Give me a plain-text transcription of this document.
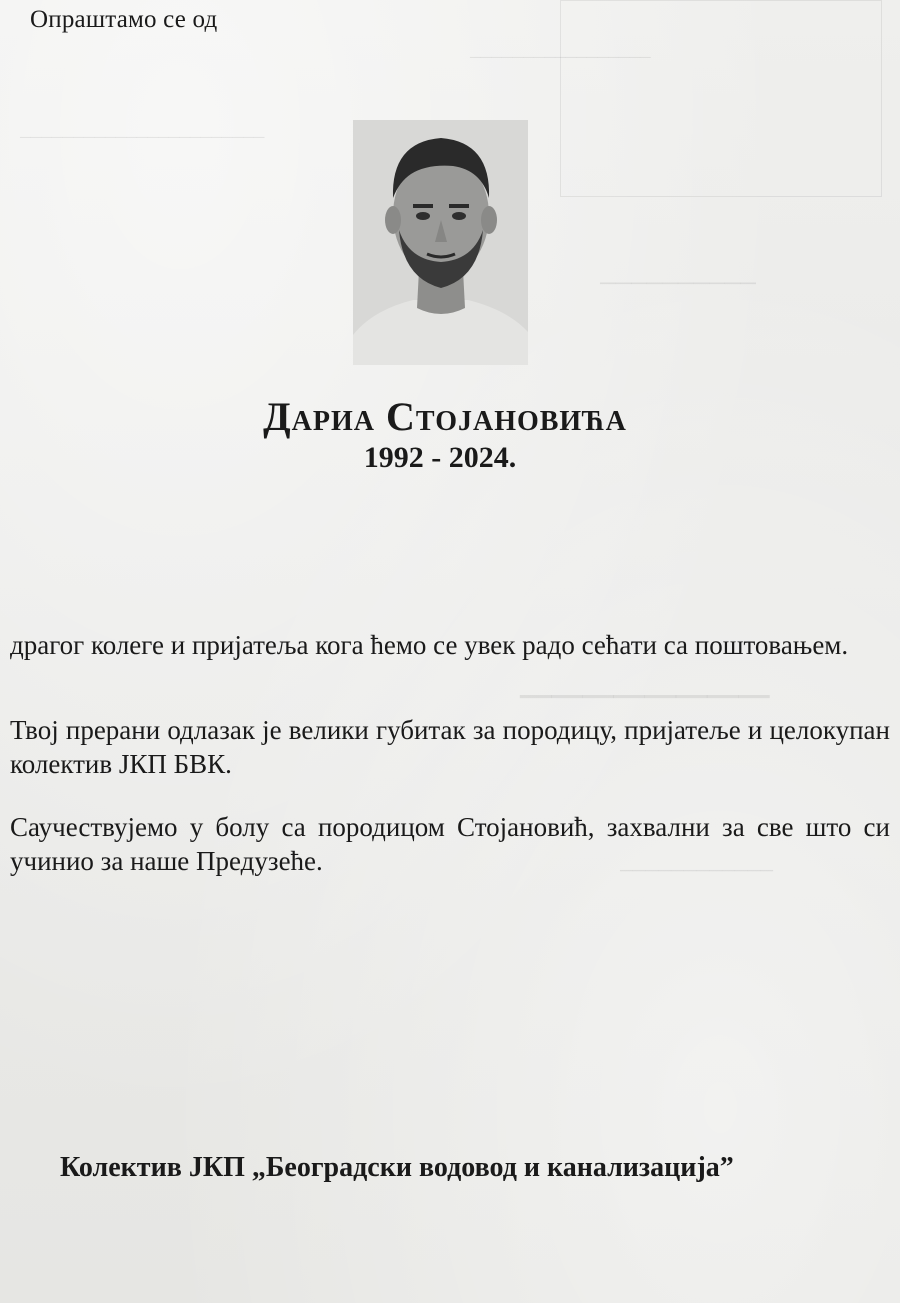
─────────────────
───────────────────────
──────────
────────
────────────
Опраштамо се од
Дариа Стојановића
1992 - 2024.
драгог колеге и пријатеља кога ћемо се увек радо сећати са поштовањем.
Твој прерани одлазак је велики губитак за породицу, пријатеље и целокупан колектив ЈКП БВК.
Саучествујемо у болу са породицом Стојановић, захвални за све што си учинио за наше Предузеће.
Колектив ЈКП „Београдски водовод и канализација”
